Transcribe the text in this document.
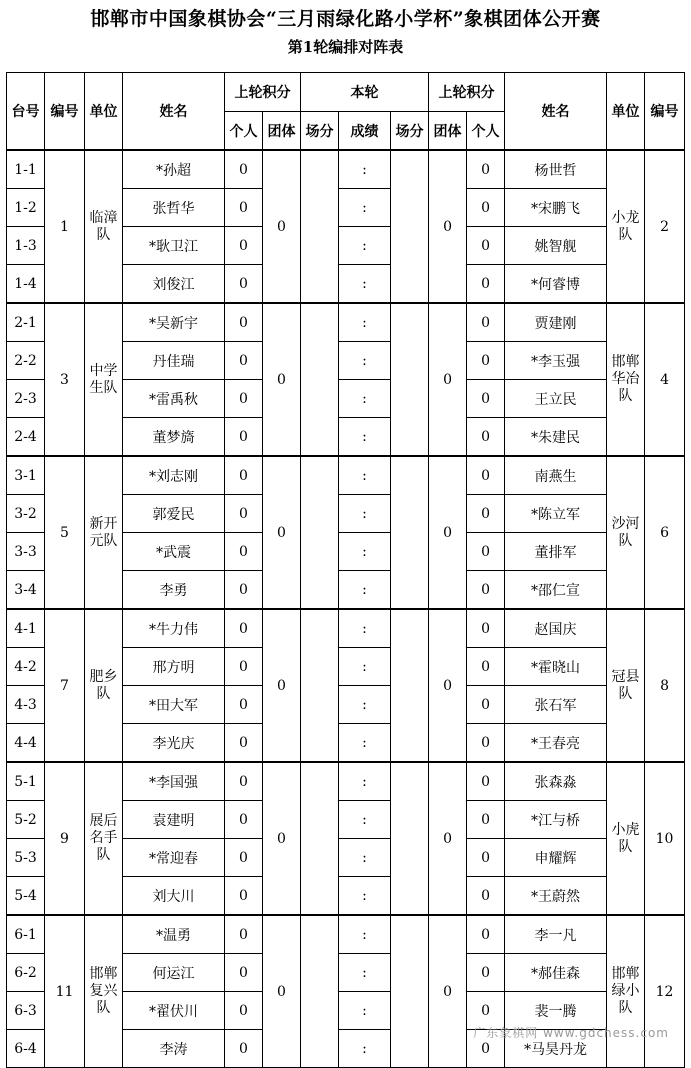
邯郸市中国象棋协会“三月雨绿化路小学杯”象棋团体公开赛
第1轮编排对阵表
台号	编号	单位	姓名	上轮积分		本轮			上轮积分		姓名	单位	编号
				个人	团体	场分	成绩	场分	团体	个人			
1-1	1	临漳队	*孙超	0	0		:		0	0	杨世哲	小龙队	2
1-2			张哲华	0			:			0	*宋鹏飞		
1-3			*耿卫江	0			:			0	姚智舰		
1-4			刘俊江	0			:			0	*何睿博		
2-1	3	中学生队	*吴新宇	0	0		:		0	0	贾建刚	邯郸华冶队	4
2-2			丹佳瑞	0			:			0	*李玉强		
2-3			*雷禹秋	0			:			0	王立民		
2-4			董梦旖	0			:			0	*朱建民		
3-1	5	新开元队	*刘志刚	0	0		:		0	0	南燕生	沙河队	6
3-2			郭爱民	0			:			0	*陈立军		
3-3			*武震	0			:			0	董排军		
3-4			李勇	0			:			0	*邵仁宣		
4-1	7	肥乡队	*牛力伟	0	0		:		0	0	赵国庆	冠县队	8
4-2			邢方明	0			:			0	*霍晓山		
4-3			*田大军	0			:			0	张石军		
4-4			李光庆	0			:			0	*王春亮		
5-1	9	展后名手队	*李国强	0	0		:		0	0	张森淼	小虎队	10
5-2			袁建明	0			:			0	*江与桥		
5-3			*常迎春	0			:			0	申耀辉		
5-4			刘大川	0			:			0	*王蔚然		
6-1	11	邯郸复兴队	*温勇	0	0		:		0	0	李一凡	邯郸绿小队	12
6-2			何运江	0			:			0	*郝佳森		
6-3			*翟伏川	0			:			0	裴一腾		
6-4			李涛	0			:			0	*马昊丹龙		
广东象棋网 www.gdchess.com
